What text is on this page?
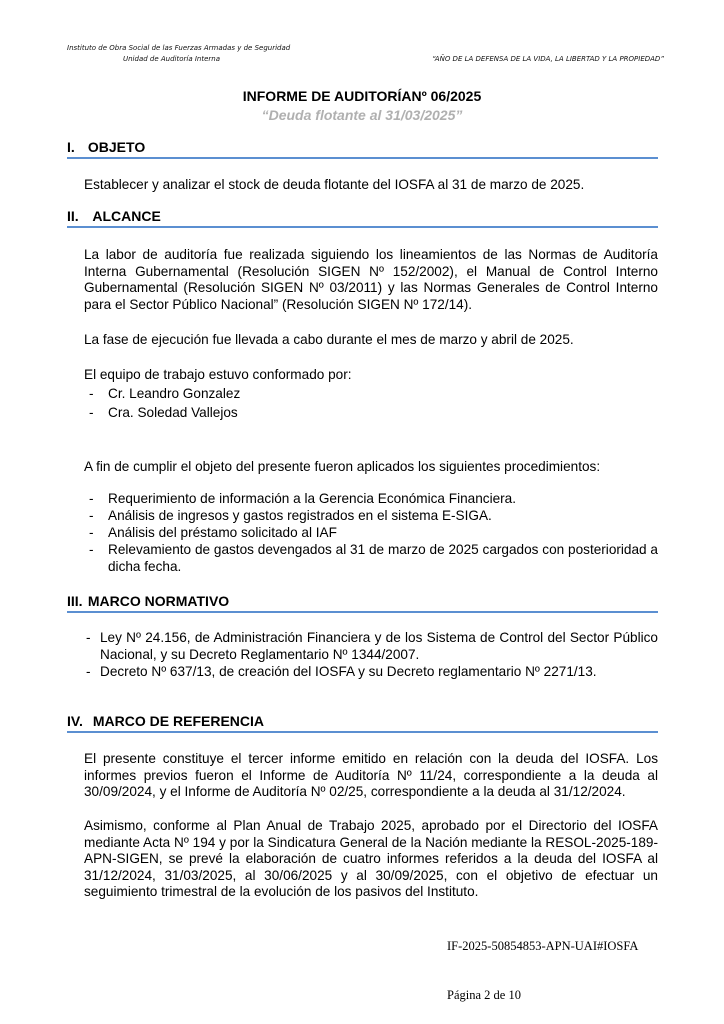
Instituto de Obra Social de las Fuerzas Armadas y de Seguridad
Unidad de Auditoría Interna	“AÑO DE LA DEFENSA DE LA VIDA, LA LIBERTAD Y LA PROPIEDAD”
INFORME DE AUDITORÍANº 06/2025
“Deuda flotante al 31/03/2025”
I. OBJETO
Establecer y analizar el stock de deuda flotante del IOSFA al 31 de marzo de 2025.
II. ALCANCE
La labor de auditoría fue realizada siguiendo los lineamientos de las Normas de Auditoría Interna Gubernamental (Resolución SIGEN Nº 152/2002), el Manual de Control Interno Gubernamental (Resolución SIGEN Nº 03/2011) y las Normas Generales de Control Interno para el Sector Público Nacional” (Resolución SIGEN Nº 172/14).
La fase de ejecución fue llevada a cabo durante el mes de marzo y abril de 2025.
El equipo de trabajo estuvo conformado por:
- Cr. Leandro Gonzalez
- Cra. Soledad Vallejos
A fin de cumplir el objeto del presente fueron aplicados los siguientes procedimientos:
- Requerimiento de información a la Gerencia Económica Financiera.
- Análisis de ingresos y gastos registrados en el sistema E-SIGA.
- Análisis del préstamo solicitado al IAF
- Relevamiento de gastos devengados al 31 de marzo de 2025 cargados con posterioridad a dicha fecha.
III. MARCO NORMATIVO
- Ley Nº 24.156, de Administración Financiera y de los Sistema de Control del Sector Público Nacional, y su Decreto Reglamentario Nº 1344/2007.
- Decreto Nº 637/13, de creación del IOSFA y su Decreto reglamentario Nº 2271/13.
IV. MARCO DE REFERENCIA
El presente constituye el tercer informe emitido en relación con la deuda del IOSFA. Los informes previos fueron el Informe de Auditoría Nº 11/24, correspondiente a la deuda al 30/09/2024, y el Informe de Auditoría Nº 02/25, correspondiente a la deuda al 31/12/2024.
Asimismo, conforme al Plan Anual de Trabajo 2025, aprobado por el Directorio del IOSFA mediante Acta Nº 194 y por la Sindicatura General de la Nación mediante la RESOL-2025-189-APN-SIGEN, se prevé la elaboración de cuatro informes referidos a la deuda del IOSFA al 31/12/2024, 31/03/2025, al 30/06/2025 y al 30/09/2025, con el objetivo de efectuar un seguimiento trimestral de la evolución de los pasivos del Instituto.
IF-2025-50854853-APN-UAI#IOSFA
Página 2 de 10
